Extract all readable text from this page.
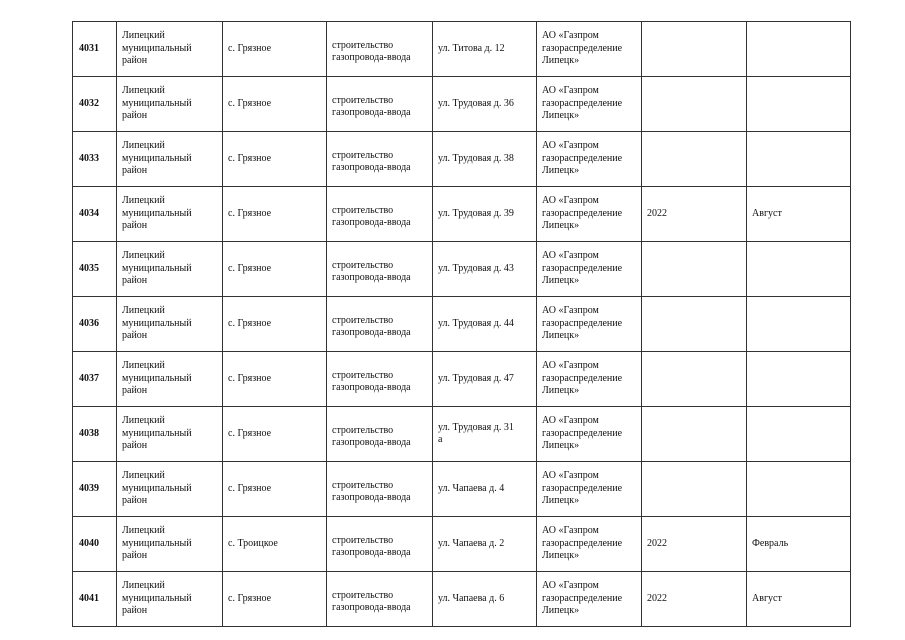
4031	Липецкий
муниципальный
район	с. Грязное	строительство
газопровода-ввода	ул. Титова д. 12	АО «Газпром
газораспределение
Липецк»		
4032	Липецкий
муниципальный
район	с. Грязное	строительство
газопровода-ввода	ул. Трудовая д. 36	АО «Газпром
газораспределение
Липецк»		
4033	Липецкий
муниципальный
район	с. Грязное	строительство
газопровода-ввода	ул. Трудовая д. 38	АО «Газпром
газораспределение
Липецк»		
4034	Липецкий
муниципальный
район	с. Грязное	строительство
газопровода-ввода	ул. Трудовая д. 39	АО «Газпром
газораспределение
Липецк»	2022	Август
4035	Липецкий
муниципальный
район	с. Грязное	строительство
газопровода-ввода	ул. Трудовая д. 43	АО «Газпром
газораспределение
Липецк»		
4036	Липецкий
муниципальный
район	с. Грязное	строительство
газопровода-ввода	ул. Трудовая д. 44	АО «Газпром
газораспределение
Липецк»		
4037	Липецкий
муниципальный
район	с. Грязное	строительство
газопровода-ввода	ул. Трудовая д. 47	АО «Газпром
газораспределение
Липецк»		
4038	Липецкий
муниципальный
район	с. Грязное	строительство
газопровода-ввода	ул. Трудовая д. 31
а	АО «Газпром
газораспределение
Липецк»		
4039	Липецкий
муниципальный
район	с. Грязное	строительство
газопровода-ввода	ул. Чапаева д. 4	АО «Газпром
газораспределение
Липецк»		
4040	Липецкий
муниципальный
район	с. Троицкое	строительство
газопровода-ввода	ул. Чапаева д. 2	АО «Газпром
газораспределение
Липецк»	2022	Февраль
4041	Липецкий
муниципальный
район	с. Грязное	строительство
газопровода-ввода	ул. Чапаева д. 6	АО «Газпром
газораспределение
Липецк»	2022	Август
